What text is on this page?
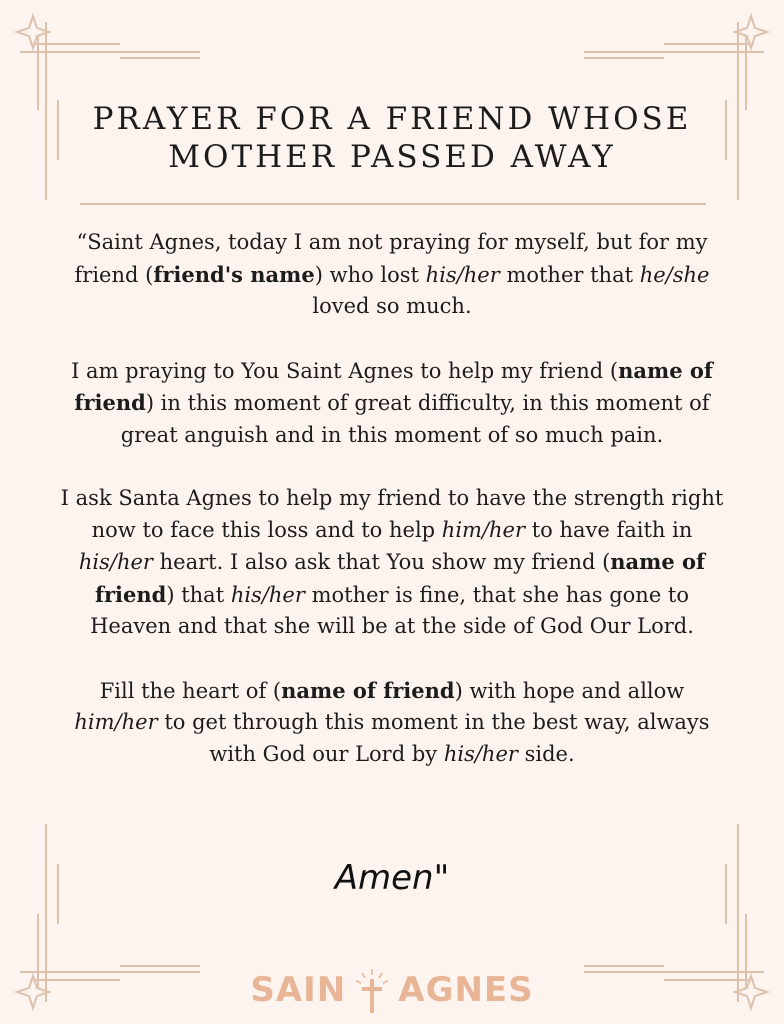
PRAYER FOR A FRIEND WHOSE
MOTHER PASSED AWAY

“Saint Agnes, today I am not praying for myself, but for my friend (friend's name) who lost his/her mother that he/she loved so much.

I am praying to You Saint Agnes to help my friend (name of friend) in this moment of great difficulty, in this moment of great anguish and in this moment of so much pain.

I ask Santa Agnes to help my friend to have the strength right now to face this loss and to help him/her to have faith in his/her heart. I also ask that You show my friend (name of friend) that his/her mother is fine, that she has gone to Heaven and that she will be at the side of God Our Lord.

Fill the heart of (name of friend) with hope and allow him/her to get through this moment in the best way, always with God our Lord by his/her side.

Amen"
SAIN AGNES
